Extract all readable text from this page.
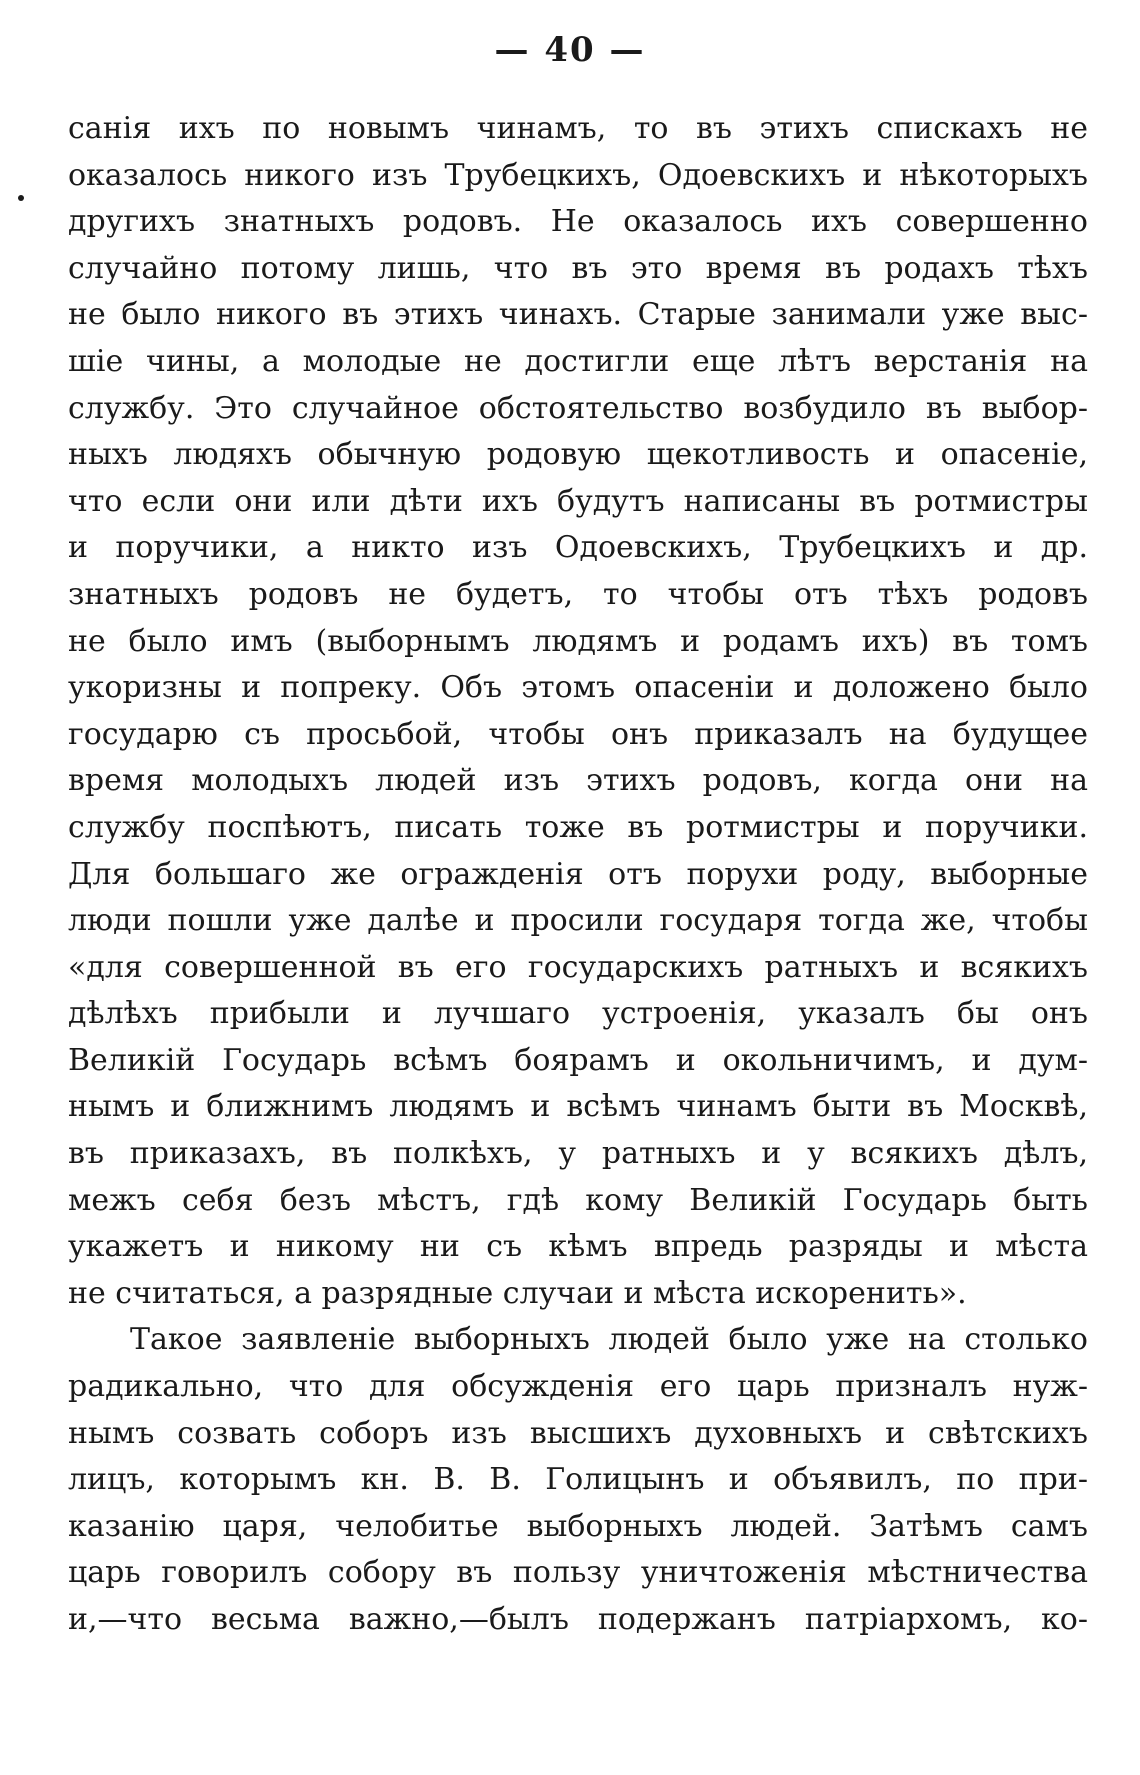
— 40 —
санія ихъ по новымъ чинамъ, то въ этихъ спискахъ не
оказалось никого изъ Трубецкихъ, Одоевскихъ и нѣкоторыхъ
другихъ знатныхъ родовъ. Не оказалось ихъ совершенно
случайно потому лишь, что въ это время въ родахъ тѣхъ
не было никого въ этихъ чинахъ. Старые занимали уже выс-
шіе чины, а молодые не достигли еще лѣтъ верстанія на
службу. Это случайное обстоятельство возбудило въ выбор-
ныхъ людяхъ обычную родовую щекотливость и опасеніе,
что если они или дѣти ихъ будутъ написаны въ ротмистры
и поручики, а никто изъ Одоевскихъ, Трубецкихъ и др.
знатныхъ родовъ не будетъ, то чтобы отъ тѣхъ родовъ
не было имъ (выборнымъ людямъ и родамъ ихъ) въ томъ
укоризны и попреку. Объ этомъ опасеніи и доложено было
государю съ просьбой, чтобы онъ приказалъ на будущее
время молодыхъ людей изъ этихъ родовъ, когда они на
службу поспѣютъ, писать тоже въ ротмистры и поручики.
Для большаго же огражденія отъ порухи роду, выборные
люди пошли уже далѣе и просили государя тогда же, чтобы
«для совершенной въ его государскихъ ратныхъ и всякихъ
дѣлѣхъ прибыли и лучшаго устроенія, указалъ бы онъ
Великій Государь всѣмъ боярамъ и окольничимъ, и дум-
нымъ и ближнимъ людямъ и всѣмъ чинамъ быти въ Москвѣ,
въ приказахъ, въ полкѣхъ, у ратныхъ и у всякихъ дѣлъ,
межъ себя безъ мѣстъ, гдѣ кому Великій Государь быть
укажетъ и никому ни съ кѣмъ впредь разряды и мѣста
не считаться, а разрядные случаи и мѣста искоренить».
Такое заявленіе выборныхъ людей было уже на столько
радикально, что для обсужденія его царь призналъ нуж-
нымъ созвать соборъ изъ высшихъ духовныхъ и свѣтскихъ
лицъ, которымъ кн. В. В. Голицынъ и объявилъ, по при-
казанію царя, челобитье выборныхъ людей. Затѣмъ самъ
царь говорилъ собору въ пользу уничтоженія мѣстничества
и,—что весьма важно,—былъ подержанъ патріархомъ, ко-
